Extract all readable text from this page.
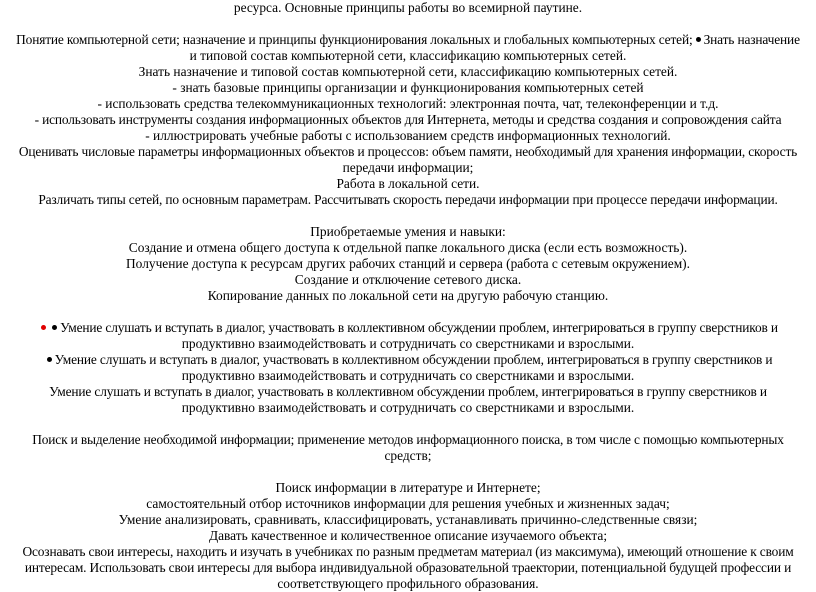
ресурса. Основные принципы работы во всемирной паутине.
Понятие компьютерной сети; назначение и принципы функционирования локальных и глобальных компьютерных сетей; Знать назначение
и типовой состав компьютерной сети, классификацию компьютерных сетей.
Знать назначение и типовой состав компьютерной сети, классификацию компьютерных сетей.
- знать базовые принципы организации и функционирования компьютерных сетей
- использовать средства телекоммуникационных технологий: электронная почта, чат, телеконференции и т.д.
- использовать инструменты создания информационных объектов для Интернета, методы и средства создания и сопровождения сайта
- иллюстрировать учебные работы с использованием средств информационных технологий.
Оценивать числовые параметры информационных объектов и процессов: объем памяти, необходимый для хранения информации, скорость
передачи информации;
Работа в локальной сети.
Различать типы сетей, по основным параметрам. Рассчитывать скорость передачи информации при процессе передачи информации.
Приобретаемые умения и навыки:
Создание и отмена общего доступа к отдельной папке локального диска (если есть возможность).
Получение доступа к ресурсам других рабочих станций и сервера (работа с сетевым окружением).
Создание и отключение сетевого диска.
Копирование данных по локальной сети на другую рабочую станцию.
Умение слушать и вступать в диалог, участвовать в коллективном обсуждении проблем, интегрироваться в группу сверстников и
продуктивно взаимодействовать и сотрудничать со сверстниками и взрослыми.
Умение слушать и вступать в диалог, участвовать в коллективном обсуждении проблем, интегрироваться в группу сверстников и
продуктивно взаимодействовать и сотрудничать со сверстниками и взрослыми.
Умение слушать и вступать в диалог, участвовать в коллективном обсуждении проблем, интегрироваться в группу сверстников и
продуктивно взаимодействовать и сотрудничать со сверстниками и взрослыми.
Поиск и выделение необходимой информации; применение методов информационного поиска, в том числе с помощью компьютерных
средств;
Поиск информации в литературе и Интернете;
самостоятельный отбор источников информации для решения учебных и жизненных задач;
Умение анализировать, сравнивать, классифицировать, устанавливать причинно-следственные связи;
Давать качественное и количественное описание изучаемого объекта;
Осознавать свои интересы, находить и изучать в учебниках по разным предметам материал (из максимума), имеющий отношение к своим
интересам. Использовать свои интересы для выбора индивидуальной образовательной траектории, потенциальной будущей профессии и
соответствующего профильного образования.
